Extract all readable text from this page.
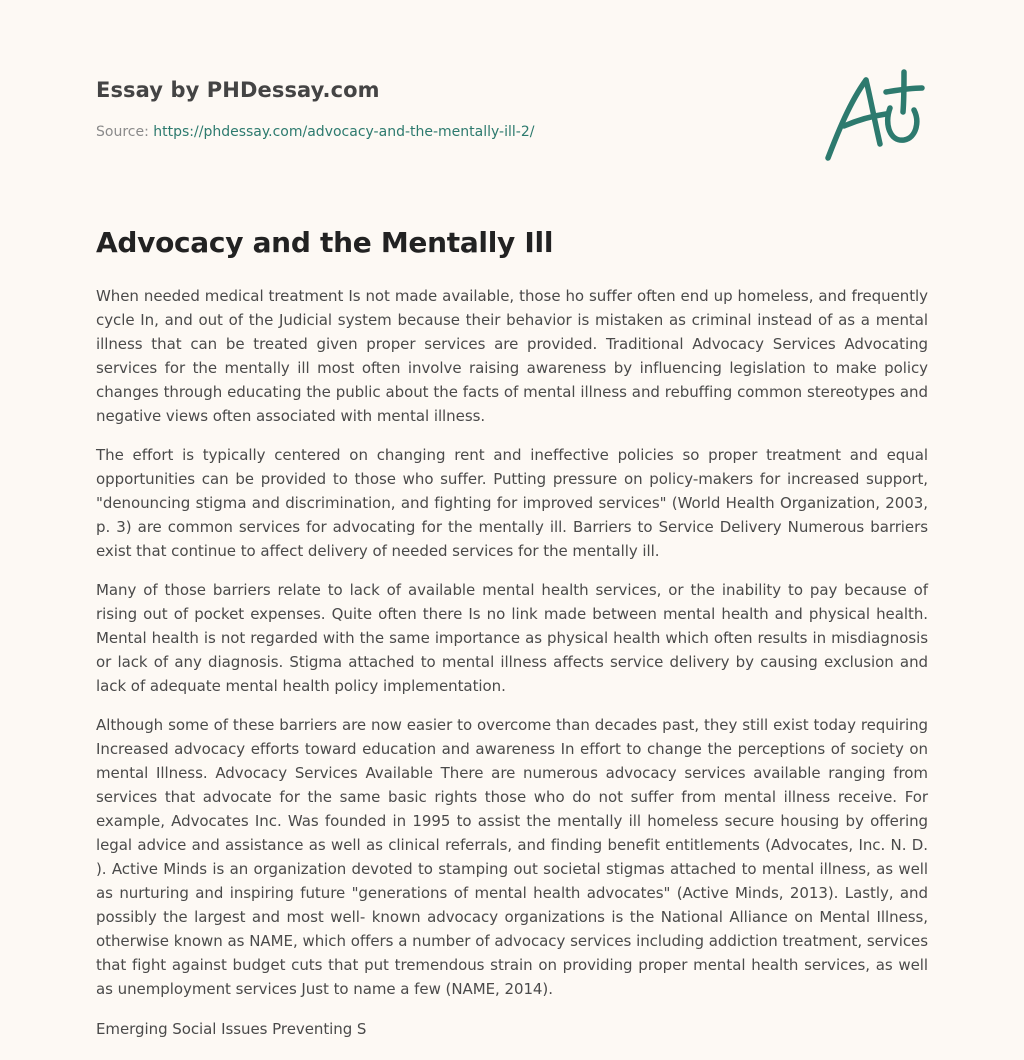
Essay by PHDessay.com
Source: https://phdessay.com/advocacy-and-the-mentally-ill-2/
Advocacy and the Mentally Ill

When needed medical treatment Is not made available, those ho suffer often end up homeless, and frequently cycle In, and out of the Judicial system because their behavior is mistaken as criminal instead of as a mental illness that can be treated given proper services are provided. Traditional Advocacy Services Advocating services for the mentally ill most often involve raising awareness by influencing legislation to make policy changes through educating the public about the facts of mental illness and rebuffing common stereotypes and negative views often associated with mental illness.

The effort is typically centered on changing rent and ineffective policies so proper treatment and equal opportunities can be provided to those who suffer. Putting pressure on policy-makers for increased support, "denouncing stigma and discrimination, and fighting for improved services" (World Health Organization, 2003, p. 3) are common services for advocating for the mentally ill. Barriers to Service Delivery Numerous barriers exist that continue to affect delivery of needed services for the mentally ill.

Many of those barriers relate to lack of available mental health services, or the inability to pay because of rising out of pocket expenses. Quite often there Is no link made between mental health and physical health. Mental health is not regarded with the same importance as physical health which often results in misdiagnosis or lack of any diagnosis. Stigma attached to mental illness affects service delivery by causing exclusion and lack of adequate mental health policy implementation.

Although some of these barriers are now easier to overcome than decades past, they still exist today requiring Increased advocacy efforts toward education and awareness In effort to change the perceptions of society on mental Illness. Advocacy Services Available There are numerous advocacy services available ranging from services that advocate for the same basic rights those who do not suffer from mental illness receive. For example, Advocates Inc. Was founded in 1995 to assist the mentally ill homeless secure housing by offering legal advice and assistance as well as clinical referrals, and finding benefit entitlements (Advocates, Inc. N. D. ). Active Minds is an organization devoted to stamping out societal stigmas attached to mental illness, as well as nurturing and inspiring future "generations of mental health advocates" (Active Minds, 2013). Lastly, and possibly the largest and most well- known advocacy organizations is the National Alliance on Mental Illness, otherwise known as NAME, which offers a number of advocacy services including addiction treatment, services that fight against budget cuts that put tremendous strain on providing proper mental health services, as well as unemployment services Just to name a few (NAME, 2014).

Emerging Social Issues Preventing S
